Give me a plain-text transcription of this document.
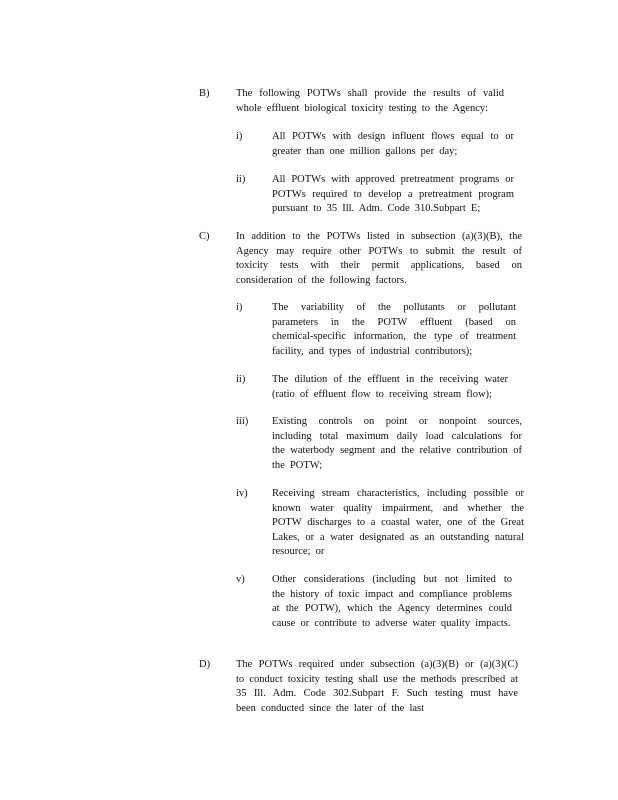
B)	The following POTWs shall provide the results of valid whole effluent biological toxicity testing to the Agency:
i)	All POTWs with design influent flows equal to or greater than one million gallons per day;
ii)	All POTWs with approved pretreatment programs or POTWs required to develop a pretreatment program pursuant to 35 Ill. Adm. Code 310.Subpart E;
C)	In addition to the POTWs listed in subsection (a)(3)(B), the Agency may require other POTWs to submit the result of toxicity tests with their permit applications, based on consideration of the following factors.
i)	The variability of the pollutants or pollutant parameters in the POTW effluent (based on chemical-specific information, the type of treatment facility, and types of industrial contributors);
ii)	The dilution of the effluent in the receiving water (ratio of effluent flow to receiving stream flow);
iii) Existing controls on point or nonpoint sources, including total maximum daily load calculations for the waterbody segment and the relative contribution of the POTW;
iv) Receiving stream characteristics, including possible or known water quality impairment, and whether the POTW discharges to a coastal water, one of the Great Lakes, or a water designated as an outstanding natural resource; or
v)	Other considerations (including but not limited to the history of toxic impact and compliance problems at the POTW), which the Agency determines could cause or contribute to adverse water quality impacts.
D) The POTWs required under subsection (a)(3)(B) or (a)(3)(C) to conduct toxicity testing shall use the methods prescribed at 35 Ill. Adm. Code 302.Subpart F. Such testing must have been conducted since the later of the last
